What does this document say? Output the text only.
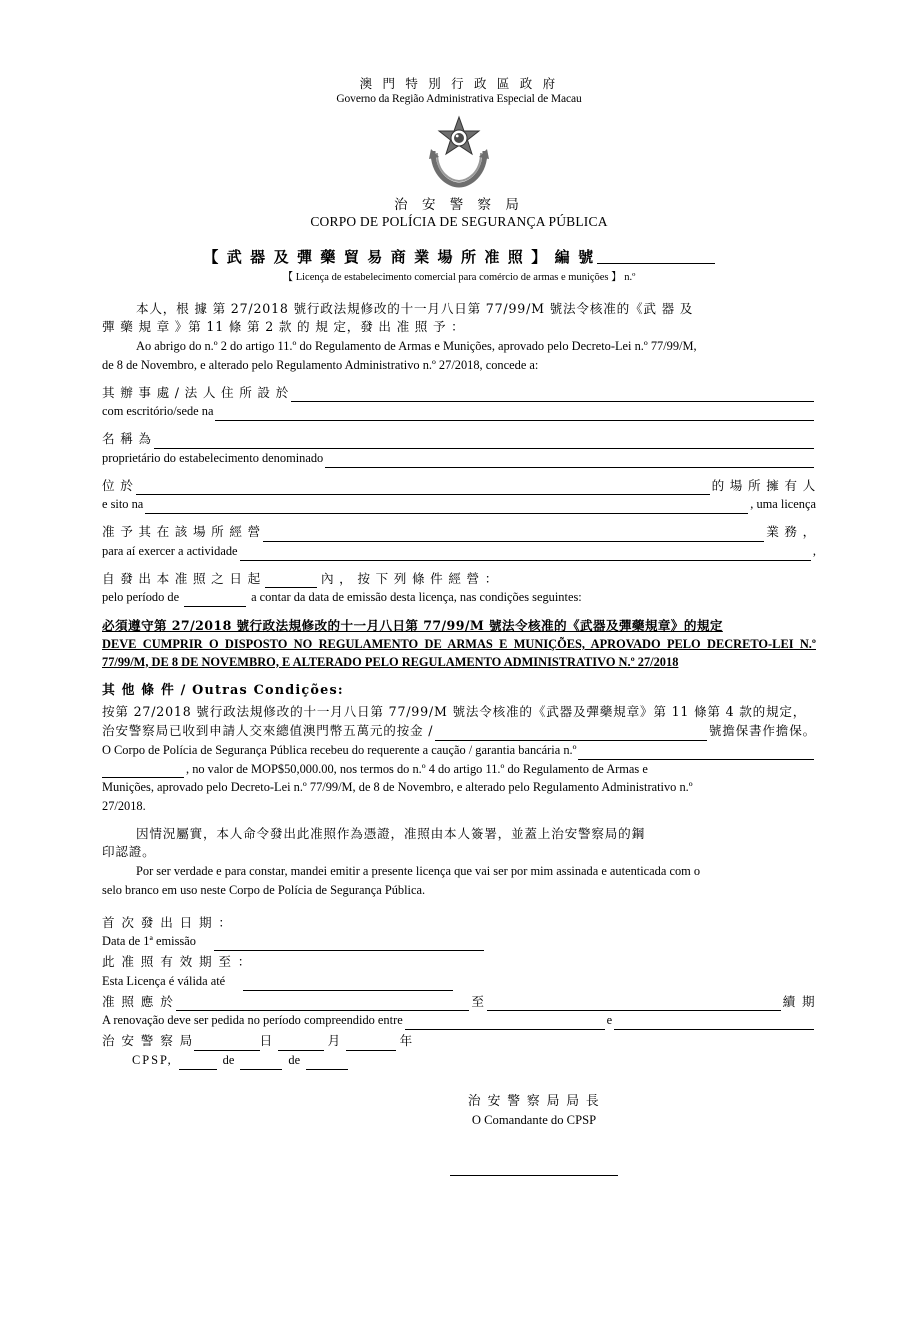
澳 門 特 別 行 政 區 政 府
Governo da Região Administrativa Especial de Macau
治 安 警 察 局
CORPO DE POLÍCIA DE SEGURANÇA PÚBLICA
【 武 器 及 彈 藥 貿 易 商 業 場 所 准 照 】 編 號
【 Licença de estabelecimento comercial para comércio de armas e munições 】 n.º

本人，根 據 第 27/2018 號行政法規修改的十一月八日第 77/99/M 號法令核准的《武 器 及

彈 藥 規 章 》第 11 條 第 2 款 的 規 定，發 出 准 照 予 ：

Ao abrigo do n.º 2 do artigo 11.º do Regulamento de Armas e Munições, aprovado pelo Decreto-Lei n.º 77/99/M,

de 8 de Novembro, e alterado pelo Regulamento Administrativo n.º 27/2018, concede a:

其 辦 事 處 / 法 人 住 所 設 於
com escritório/sede na
名 稱 為
proprietário do estabelecimento denominado
位 於	的 場 所 擁 有 人
e sito na	, uma licença
准 予 其 在 該 場 所 經 營	業 務 ，
para aí exercer a actividade	,
自 發 出 本 准 照 之 日 起	內 ， 按 下 列 條 件 經 營 ：
pelo período de	a contar da data de emissão desta licença, nas condições seguintes:
必須遵守第 27/2018 號行政法規修改的十一月八日第 77/99/M 號法令核准的《武器及彈藥規章》的規定
DEVE CUMPRIR O DISPOSTO NO REGULAMENTO DE ARMAS E MUNIÇÕES, APROVADO PELO DECRETO-LEI N.º 77/99/M, DE 8 DE NOVEMBRO, E ALTERADO PELO REGULAMENTO ADMINISTRATIVO N.º 27/2018
其 他 條 件 / Outras Condições:

按第 27/2018 號行政法規修改的十一月八日第 77/99/M 號法令核准的《武器及彈藥規章》第 11 條第 4 款的規定，

治安警察局已收到申請人交來總值澳門幣五萬元的按金 /	號擔保書作擔保。
O Corpo de Polícia de Segurança Pública recebeu do requerente a caução / garantia bancária n.º
, no valor de MOP$50,000.00, nos termos do n.º 4 do artigo 11.º do Regulamento de Armas e

Munições, aprovado pelo Decreto-Lei n.º 77/99/M, de 8 de Novembro, e alterado pelo Regulamento Administrativo n.º

27/2018.

因情況屬實，本人命令發出此准照作為憑證，准照由本人簽署，並蓋上治安警察局的鋼

印認證。

Por ser verdade e para constar, mandei emitir a presente licença que vai ser por mim assinada e autenticada com o

selo branco em uso neste Corpo de Polícia de Segurança Pública.

首 次 發 出 日 期 ：
Data de 1ª emissão
此 准 照 有 效 期 至 ：
Esta Licença é válida até
准 照 應 於	至	續 期
A renovação deve ser pedida no período compreendido entre	e
治 安 警 察 局	日	月	年
CPSP,	de	de
治 安 警 察 局 局 長
O Comandante do CPSP
